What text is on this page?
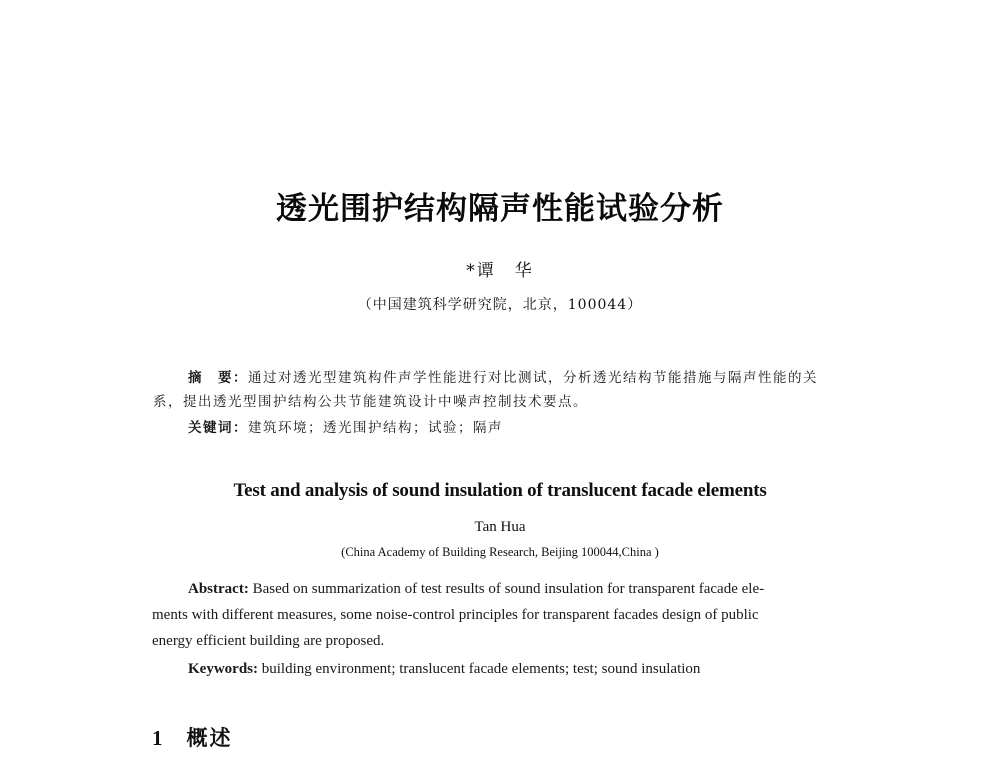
透光围护结构隔声性能试验分析
*谭　华
（中国建筑科学研究院，北京，100044）
摘　要：通过对透光型建筑构件声学性能进行对比测试，分析透光结构节能措施与隔声性能的关
系，提出透光型围护结构公共节能建筑设计中噪声控制技术要点。
关键词：建筑环境；透光围护结构；试验；隔声
Test and analysis of sound insulation of translucent facade elements
Tan Hua
(China Academy of Building Research, Beijing 100044,China )
Abstract: Based on summarization of test results of sound insulation for transparent facade ele-
ments with different measures, some noise-control principles for transparent facades design of public
energy efficient building are proposed.
Keywords: building environment; translucent facade elements; test; sound insulation
1 概述
